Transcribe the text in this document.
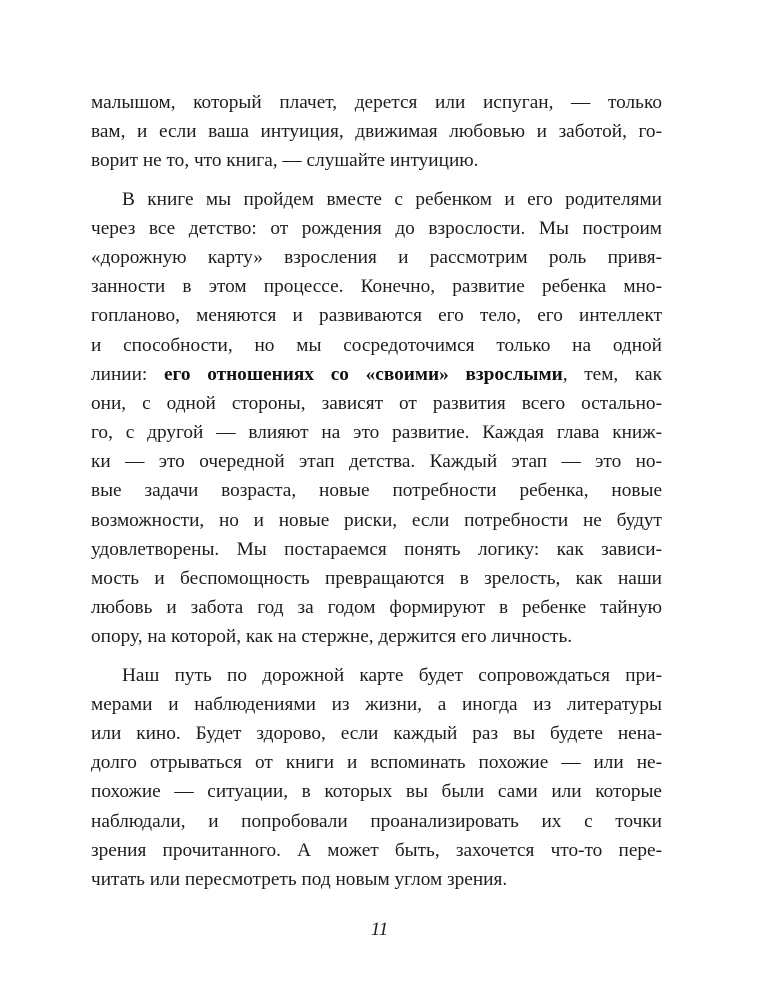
малышом, который плачет, дерется или испуган, — только
вам, и если ваша интуиция, движимая любовью и заботой, го-
ворит не то, что книга, — слушайте интуицию.
В книге мы пройдем вместе с ребенком и его родителями
через все детство: от рождения до взрослости. Мы построим
«дорожную карту» взросления и рассмотрим роль привя-
занности в этом процессе. Конечно, развитие ребенка мно-
гопланово, меняются и развиваются его тело, его интеллект
и способности, но мы сосредоточимся только на одной
линии: его отношениях со «своими» взрослыми, тем, как
они, с одной стороны, зависят от развития всего остально-
го, с другой — влияют на это развитие. Каждая глава книж-
ки — это очередной этап детства. Каждый этап — это но-
вые задачи возраста, новые потребности ребенка, новые
возможности, но и новые риски, если потребности не будут
удовлетворены. Мы постараемся понять логику: как зависи-
мость и беспомощность превращаются в зрелость, как наши
любовь и забота год за годом формируют в ребенке тайную
опору, на которой, как на стержне, держится его личность.
Наш путь по дорожной карте будет сопровождаться при-
мерами и наблюдениями из жизни, а иногда из литературы
или кино. Будет здорово, если каждый раз вы будете нена-
долго отрываться от книги и вспоминать похожие — или не-
похожие — ситуации, в которых вы были сами или которые
наблюдали, и попробовали проанализировать их с точки
зрения прочитанного. А может быть, захочется что-то пере-
читать или пересмотреть под новым углом зрения.
11
